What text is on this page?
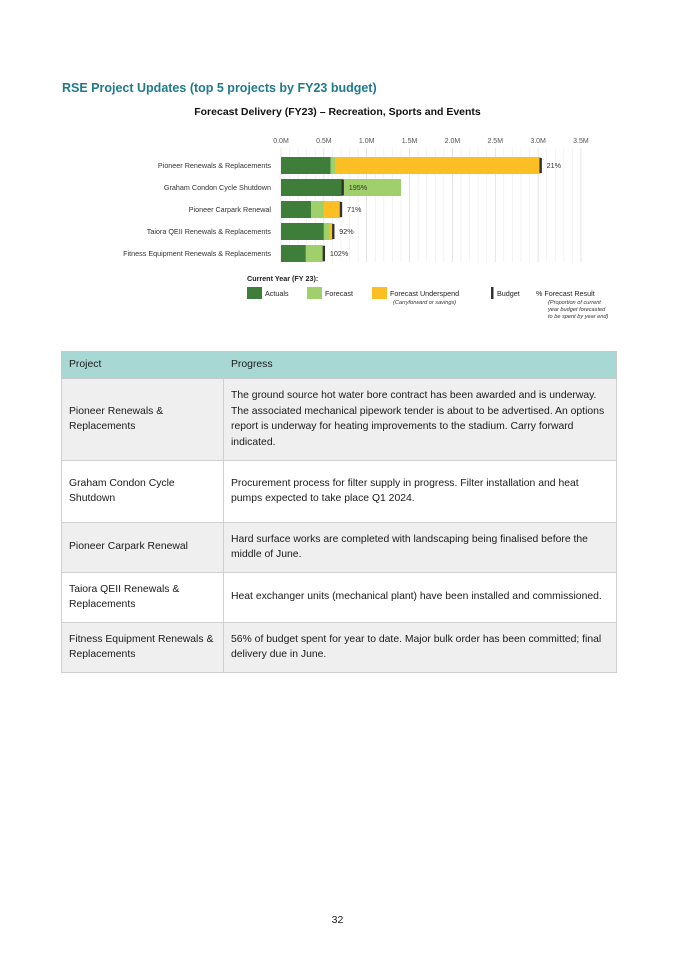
RSE Project Updates (top 5 projects by FY23 budget)
Forecast Delivery (FY23) – Recreation, Sports and Events
0.0M	0.5M	1.0M	1.5M	2.0M	2.5M	3.0M	3.5M
Pioneer Renewals & Replacements	21%
Graham Condon Cycle Shutdown	195%
Pioneer Carpark Renewal	71%
Taiora QEII Renewals & Replacements	92%
Fitness Equipment Renewals & Replacements	102%
Current Year (FY 23):
Actuals	Forecast	Forecast Underspend
(Carryforward or savings)
Budget % Forecast Result
(Proportion of current
year budget forecasted
to be spent by year end)
Project	Progress
Pioneer Renewals & Replacements	The ground source hot water bore contract has been awarded and is underway. The associated mechanical pipework tender is about to be advertised. An options report is underway for heating improvements to the stadium. Carry forward indicated.
Graham Condon Cycle Shutdown	Procurement process for filter supply in progress. Filter installation and heat pumps expected to take place Q1 2024.
Pioneer Carpark Renewal	Hard surface works are completed with landscaping being finalised before the middle of June.
Taiora QEII Renewals & Replacements	Heat exchanger units (mechanical plant) have been installed and commissioned.
Fitness Equipment Renewals & Replacements	56% of budget spent for year to date. Major bulk order has been committed; final delivery due in June.
32
